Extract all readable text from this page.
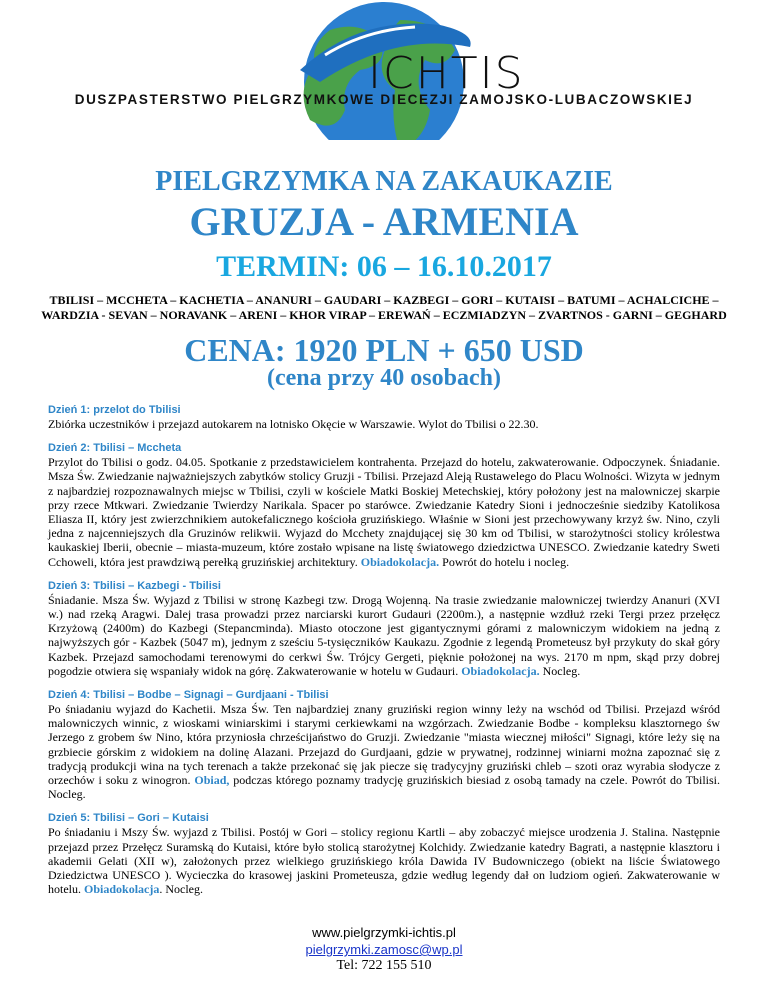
ICHTIS
DUSZPASTERSTWO PIELGRZYMKOWE DIECEZJI ZAMOJSKO-LUBACZOWSKIEJ
PIELGRZYMKA NA ZAKAUKAZIE
GRUZJA - ARMENIA
TERMIN: 06 – 16.10.2017
TBILISI – MCCHETA – KACHETIA – ANANURI – GAUDARI – KAZBEGI – GORI – KUTAISI – BATUMI – ACHALCICHE – WARDZIA - SEVAN – NORAVANK – ARENI – KHOR VIRAP – EREWAŃ – ECZMIADZYN – ZVARTNOS - GARNI – GEGHARD
CENA: 1920 PLN + 650 USD
(cena przy 40 osobach)
Dzień 1: przelot do Tbilisi
Zbiórka uczestników i przejazd autokarem na lotnisko Okęcie w Warszawie. Wylot do Tbilisi o 22.30.
Dzień 2: Tbilisi – Mccheta
Przylot do Tbilisi o godz. 04.05. Spotkanie z przedstawicielem kontrahenta. Przejazd do hotelu, zakwaterowanie. Odpoczynek. Śniadanie. Msza Św. Zwiedzanie najważniejszych zabytków stolicy Gruzji - Tbilisi. Przejazd Aleją Rustawelego do Placu Wolności. Wizyta w jednym z najbardziej rozpoznawalnych miejsc w Tbilisi, czyli w kościele Matki Boskiej Metechskiej, który położony jest na malowniczej skarpie przy rzece Mtkwari. Zwiedzanie Twierdzy Narikala. Spacer po starówce. Zwiedzanie Katedry Sioni i jednocześnie siedziby Katolikosa Eliasza II, który jest zwierzchnikiem autokefalicznego kościoła gruzińskiego. Właśnie w Sioni jest przechowywany krzyż św. Nino, czyli jedna z najcenniejszych dla Gruzinów relikwii. Wyjazd do Mcchety znajdującej się 30 km od Tbilisi, w starożytności stolicy królestwa kaukaskiej Iberii, obecnie – miasta-muzeum, które zostało wpisane na listę światowego dziedzictwa UNESCO. Zwiedzanie katedry Sweti Cchoweli, która jest prawdziwą perełką gruzińskiej architektury. Obiadokolacja. Powrót do hotelu i nocleg.
Dzień 3: Tbilisi – Kazbegi - Tbilisi
Śniadanie. Msza Św. Wyjazd z Tbilisi w stronę Kazbegi tzw. Drogą Wojenną. Na trasie zwiedzanie malowniczej twierdzy Ananuri (XVI w.) nad rzeką Aragwi. Dalej trasa prowadzi przez narciarski kurort Gudauri (2200m.), a następnie wzdłuż rzeki Tergi przez przełęcz Krzyżową (2400m) do Kazbegi (Stepancminda). Miasto otoczone jest gigantycznymi górami z malowniczym widokiem na jedną z najwyższych gór - Kazbek (5047 m), jednym z sześciu 5-tysięczników Kaukazu. Zgodnie z legendą Prometeusz był przykuty do skał góry Kazbek. Przejazd samochodami terenowymi do cerkwi Św. Trójcy Gergeti, pięknie położonej na wys. 2170 m npm, skąd przy dobrej pogodzie otwiera się wspaniały widok na górę. Zakwaterowanie w hotelu w Gudauri. Obiadokolacja. Nocleg.
Dzień 4: Tbilisi – Bodbe – Signagi – Gurdjaani - Tbilisi
Po śniadaniu wyjazd do Kachetii. Msza Św. Ten najbardziej znany gruziński region winny leży na wschód od Tbilisi. Przejazd wśród malowniczych winnic, z wioskami winiarskimi i starymi cerkiewkami na wzgórzach. Zwiedzanie Bodbe - kompleksu klasztornego św Jerzego z grobem św Nino, która przyniosła chrześcijaństwo do Gruzji. Zwiedzanie "miasta wiecznej miłości" Signagi, które leży się na grzbiecie górskim z widokiem na dolinę Alazani. Przejazd do Gurdjaani, gdzie w prywatnej, rodzinnej winiarni można zapoznać się z tradycją produkcji wina na tych terenach a także przekonać się jak piecze się tradycyjny gruziński chleb – szoti oraz wyrabia słodycze z orzechów i soku z winogron. Obiad, podczas którego poznamy tradycję gruzińskich biesiad z osobą tamady na czele. Powrót do Tbilisi. Nocleg.
Dzień 5: Tbilisi – Gori – Kutaisi
Po śniadaniu i Mszy Św. wyjazd z Tbilisi. Postój w Gori – stolicy regionu Kartli – aby zobaczyć miejsce urodzenia J. Stalina. Następnie przejazd przez Przełęcz Suramską do Kutaisi, które było stolicą starożytnej Kolchidy. Zwiedzanie katedry Bagrati, a następnie klasztoru i akademii Gelati (XII w), założonych przez wielkiego gruzińskiego króla Dawida IV Budowniczego (obiekt na liście Światowego Dziedzictwa UNESCO ). Wycieczka do krasowej jaskini Prometeusza, gdzie według legendy dał on ludziom ogień. Zakwaterowanie w hotelu. Obiadokolacja. Nocleg.
www.pielgrzymki-ichtis.pl
pielgrzymki.zamosc@wp.pl
Tel: 722 155 510
